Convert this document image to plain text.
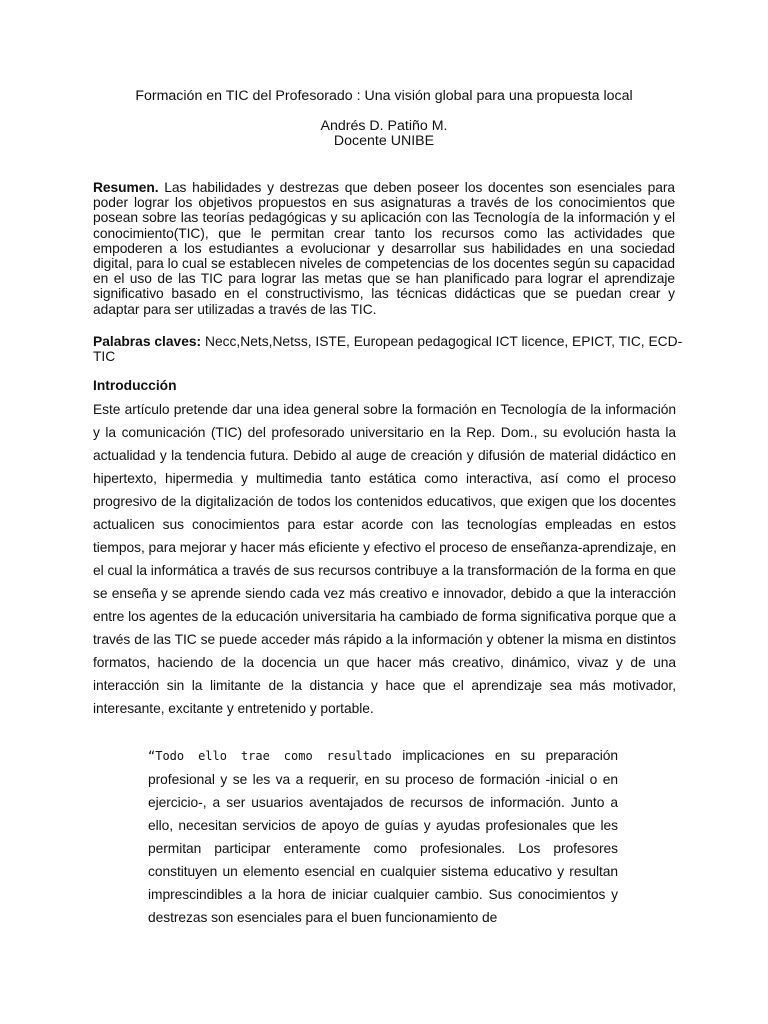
Formación en TIC del Profesorado : Una visión global para una propuesta local
Andrés D. Patiño M.
Docente UNIBE
Resumen. Las habilidades y destrezas que deben poseer los docentes son esenciales para poder lograr los objetivos propuestos en sus asignaturas a través de los conocimientos que posean sobre las teorías pedagógicas y su aplicación con las Tecnología de la información y el conocimiento(TIC), que le permitan crear tanto los recursos como las actividades que empoderen a los estudiantes a evolucionar y desarrollar sus habilidades en una sociedad digital, para lo cual se establecen niveles de competencias de los docentes según su capacidad en el uso de las TIC para lograr las metas que se han planificado para lograr el aprendizaje significativo basado en el constructivismo, las técnicas didácticas que se puedan crear y adaptar para ser utilizadas a través de las TIC.
Palabras claves: Necc,Nets,Netss, ISTE, European pedagogical ICT licence, EPICT, TIC, ECD-TIC
Introducción
Este artículo pretende dar una idea general sobre la formación en Tecnología de la información y la comunicación (TIC) del profesorado universitario en la Rep. Dom., su evolución hasta la actualidad y la tendencia futura. Debido al auge de creación y difusión de material didáctico en hipertexto, hipermedia y multimedia tanto estática como interactiva, así como el proceso progresivo de la digitalización de todos los contenidos educativos, que exigen que los docentes actualicen sus conocimientos para estar acorde con las tecnologías empleadas en estos tiempos, para mejorar y hacer más eficiente y efectivo el proceso de enseñanza-aprendizaje, en el cual la informática a través de sus recursos contribuye a la transformación de la forma en que se enseña y se aprende siendo cada vez más creativo e innovador, debido a que la interacción entre los agentes de la educación universitaria ha cambiado de forma significativa porque que a través de las TIC se puede acceder más rápido a la información y obtener la misma en distintos formatos, haciendo de la docencia un que hacer más creativo, dinámico, vivaz y de una interacción sin la limitante de la distancia y hace que el aprendizaje sea más motivador, interesante, excitante y entretenido y portable.
“Todo ello trae como resultado implicaciones en su preparación profesional y se les va a requerir, en su proceso de formación -inicial o en ejercicio-, a ser usuarios aventajados de recursos de información. Junto a ello, necesitan servicios de apoyo de guías y ayudas profesionales que les permitan participar enteramente como profesionales. Los profesores constituyen un elemento esencial en cualquier sistema educativo y resultan imprescindibles a la hora de iniciar cualquier cambio. Sus conocimientos y destrezas son esenciales para el buen funcionamiento de
